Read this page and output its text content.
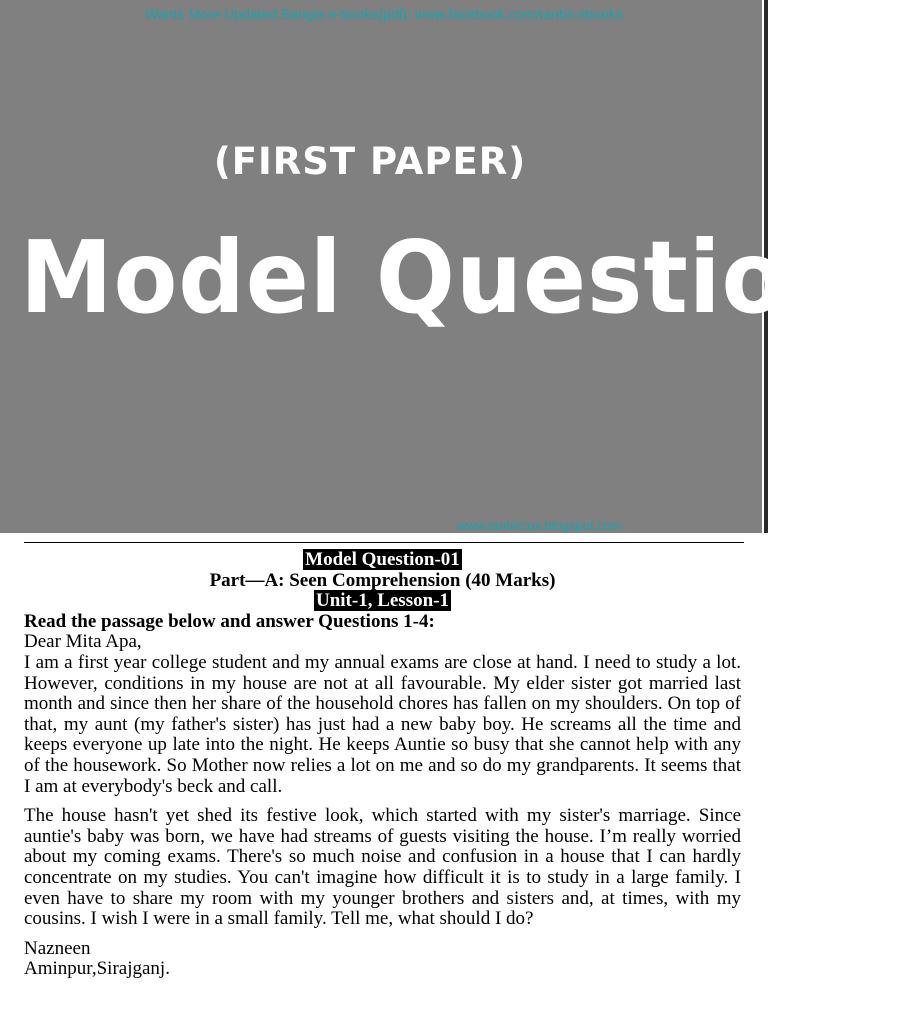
Wants More Updated Bangla e-books(pdf): www.facebook.com/tanbir.ebooks
(FIRST PAPER)
Model Questions
www.tanbircox.blogspot.com

Model Question-01

Part—A: Seen Comprehension (40 Marks)

Unit-1, Lesson-1

Read the passage below and answer Questions 1-4:

Dear Mita Apa,

I am a first year college student and my annual exams are close at hand. I need to study a lot. However, conditions in my house are not at all favourable. My elder sister got married last month and since then her share of the household chores has fallen on my shoulders. On top of that, my aunt (my father's sister) has just had a new baby boy. He screams all the time and keeps everyone up late into the night. He keeps Auntie so busy that she cannot help with any of the housework. So Mother now relies a lot on me and so do my grandparents. It seems that I am at everybody's beck and call.

The house hasn't yet shed its festive look, which started with my sister's marriage. Since auntie's baby was born, we have had streams of guests visiting the house. I’m really worried about my coming exams. There's so much noise and confusion in a house that I can hardly concentrate on my studies. You can't imagine how difficult it is to study in a large family. I even have to share my room with my younger brothers and sisters and, at times, with my cousins. I wish I were in a small family. Tell me, what should I do?

Nazneen

Aminpur,Sirajganj.
